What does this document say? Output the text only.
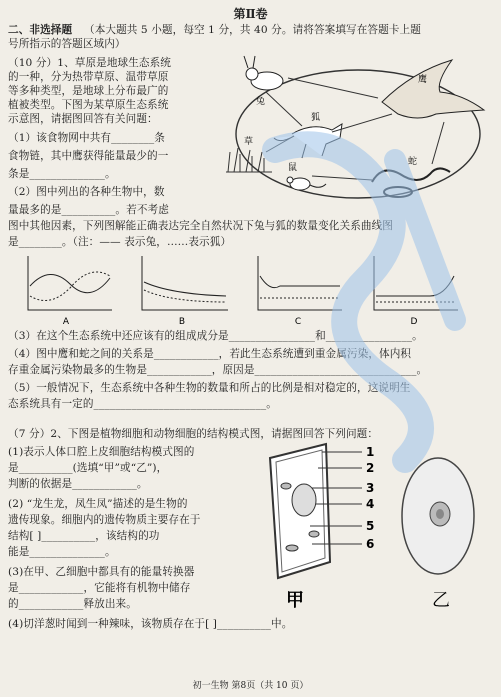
第Ⅱ卷
二、非选择题 （本大题共 5 小题，每空 1 分，共 40 分。请将答案填写在答题卡上题
号所指示的答题区域内）
（10 分）1、草原是地球生态系统
的一种，分为热带草原、温带草原
等多种类型，是地球上分布最广的
植被类型。下图为某草原生态系统
示意图，请据图回答有关问题：
（1）该食物网中共有________条
食物链，其中鹰获得能量最少的一
条是______________。
（2）图中列出的各种生物中，数
量最多的是__________。若不考虑
图中其他因素，下列图解能正确表达完全自然状况下兔与狐的数量变化关系曲线图
是________。（注：—— 表示兔，……表示狐）
兔
鹰
狐
草
鼠
蛇
A	B	C	D
（3）在这个生态系统中还应该有的组成成分是________________和________________。
（4）图中鹰和蛇之间的关系是____________，若此生态系统遭到重金属污染，体内积
存重金属污染物最多的生物是____________，原因是______________________________。
（5）一般情况下，生态系统中各种生物的数量和所占的比例是相对稳定的，这说明生
态系统具有一定的________________________________。
（7 分）2、下图是植物细胞和动物细胞的结构模式图，请据图回答下列问题：
(1)表示人体口腔上皮细胞结构模式图的
是__________(选填“甲”或“乙”)，
判断的依据是____________。
(2) “龙生龙，凤生凤”描述的是生物的
遗传现象。细胞内的遗传物质主要存在于
结构[ ]__________，该结构的功
能是______________。
(3)在甲、乙细胞中都具有的能量转换器
是____________，它能将有机物中储存
的____________释放出来。
(4)切洋葱时闻到一种辣味，该物质存在于[ ]__________中。
1
2
3
4
5
6
甲	乙
初一生物 第8页（共 10 页）
